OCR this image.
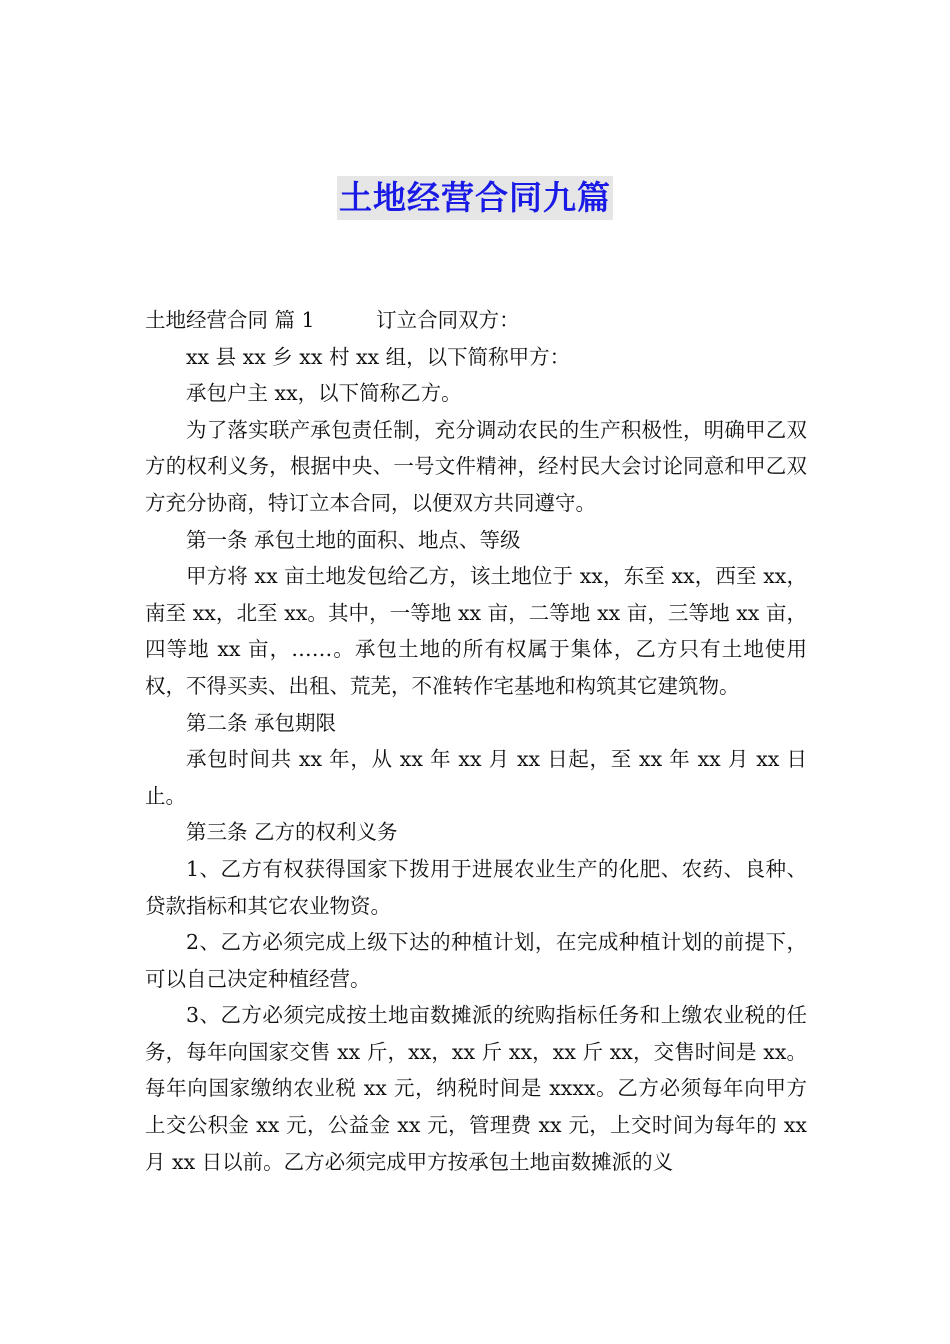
土地经营合同九篇

土地经营合同 篇 1　　　订立合同双方：

xx 县 xx 乡 xx 村 xx 组，以下简称甲方：

承包户主 xx，以下简称乙方。

为了落实联产承包责任制，充分调动农民的生产积极性，明确甲乙双方的权利义务，根据中央、一号文件精神，经村民大会讨论同意和甲乙双方充分协商，特订立本合同，以便双方共同遵守。

第一条 承包土地的面积、地点、等级

甲方将 xx 亩土地发包给乙方，该土地位于 xx，东至 xx，西至 xx，南至 xx，北至 xx。其中，一等地 xx 亩，二等地 xx 亩，三等地 xx 亩，四等地 xx 亩，……。承包土地的所有权属于集体，乙方只有土地使用权，不得买卖、出租、荒芜，不准转作宅基地和构筑其它建筑物。

第二条 承包期限

承包时间共 xx 年，从 xx 年 xx 月 xx 日起，至 xx 年 xx 月 xx 日止。

第三条 乙方的权利义务

1、乙方有权获得国家下拨用于进展农业生产的化肥、农药、良种、贷款指标和其它农业物资。

2、乙方必须完成上级下达的种植计划，在完成种植计划的前提下，可以自己决定种植经营。

3、乙方必须完成按土地亩数摊派的统购指标任务和上缴农业税的任务，每年向国家交售 xx 斤，xx，xx 斤 xx，xx 斤 xx，交售时间是 xx。每年向国家缴纳农业税 xx 元，纳税时间是 xxxx。乙方必须每年向甲方上交公积金 xx 元，公益金 xx 元，管理费 xx 元，上交时间为每年的 xx 月 xx 日以前。乙方必须完成甲方按承包土地亩数摊派的义
